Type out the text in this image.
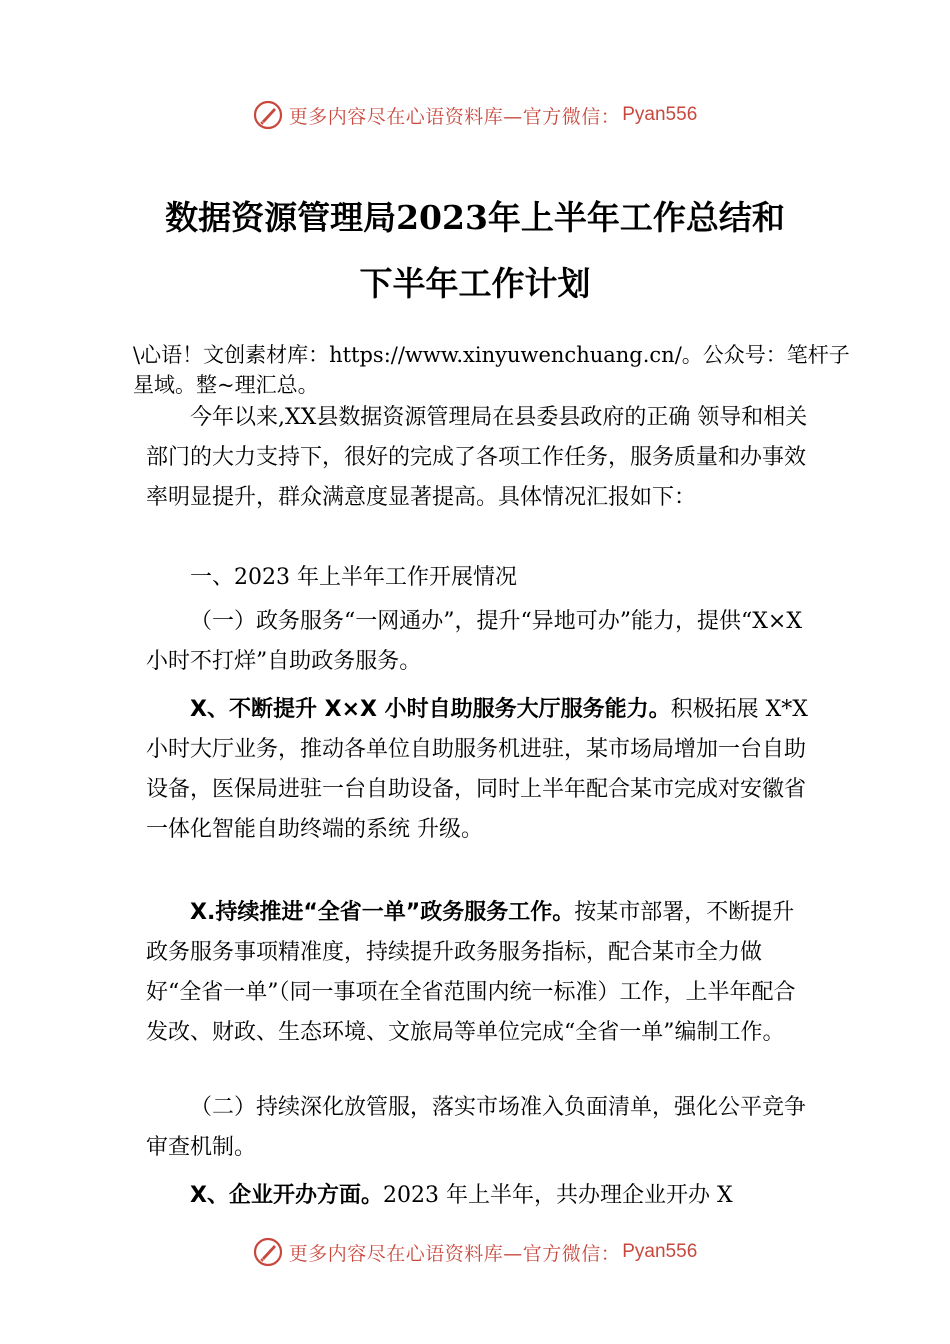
更多内容尽在心语资料库—官方微信： Pyan556
数据资源管理局2023年上半年工作总结和
下半年工作计划
\心语！文创素材库：https://www.xinyuwenchuang.cn/。公众号：笔杆子星域。整~理汇总。
今年以来,XX县数据资源管理局在县委县政府的正确 领导和相关部门的大力支持下，很好的完成了各项工作任务，服务质量和办事效率明显提升，群众满意度显著提高。具体情况汇报如下：
一、2023 年上半年工作开展情况
（一）政务服务“一网通办”，提升“异地可办”能力，提供“X×X 小时不打烊”自助政务服务。
X、不断提升 X×X 小时自助服务大厅服务能力。积极拓展 X*X 小时大厅业务，推动各单位自助服务机进驻，某市场局增加一台自助设备，医保局进驻一台自助设备，同时上半年配合某市完成对安徽省一体化智能自助终端的系统 升级。
X.持续推进“全省一单”政务服务工作。按某市部署，不断提升政务服务事项精准度，持续提升政务服务指标，配合某市全力做好“全省一单”（同一事项在全省范围内统一标准）工作，上半年配合发改、财政、生态环境、文旅局等单位完成“全省一单”编制工作。
（二）持续深化放管服，落实市场准入负面清单，强化公平竞争审查机制。
X、企业开办方面。2023 年上半年，共办理企业开办 X
更多内容尽在心语资料库—官方微信： Pyan556
